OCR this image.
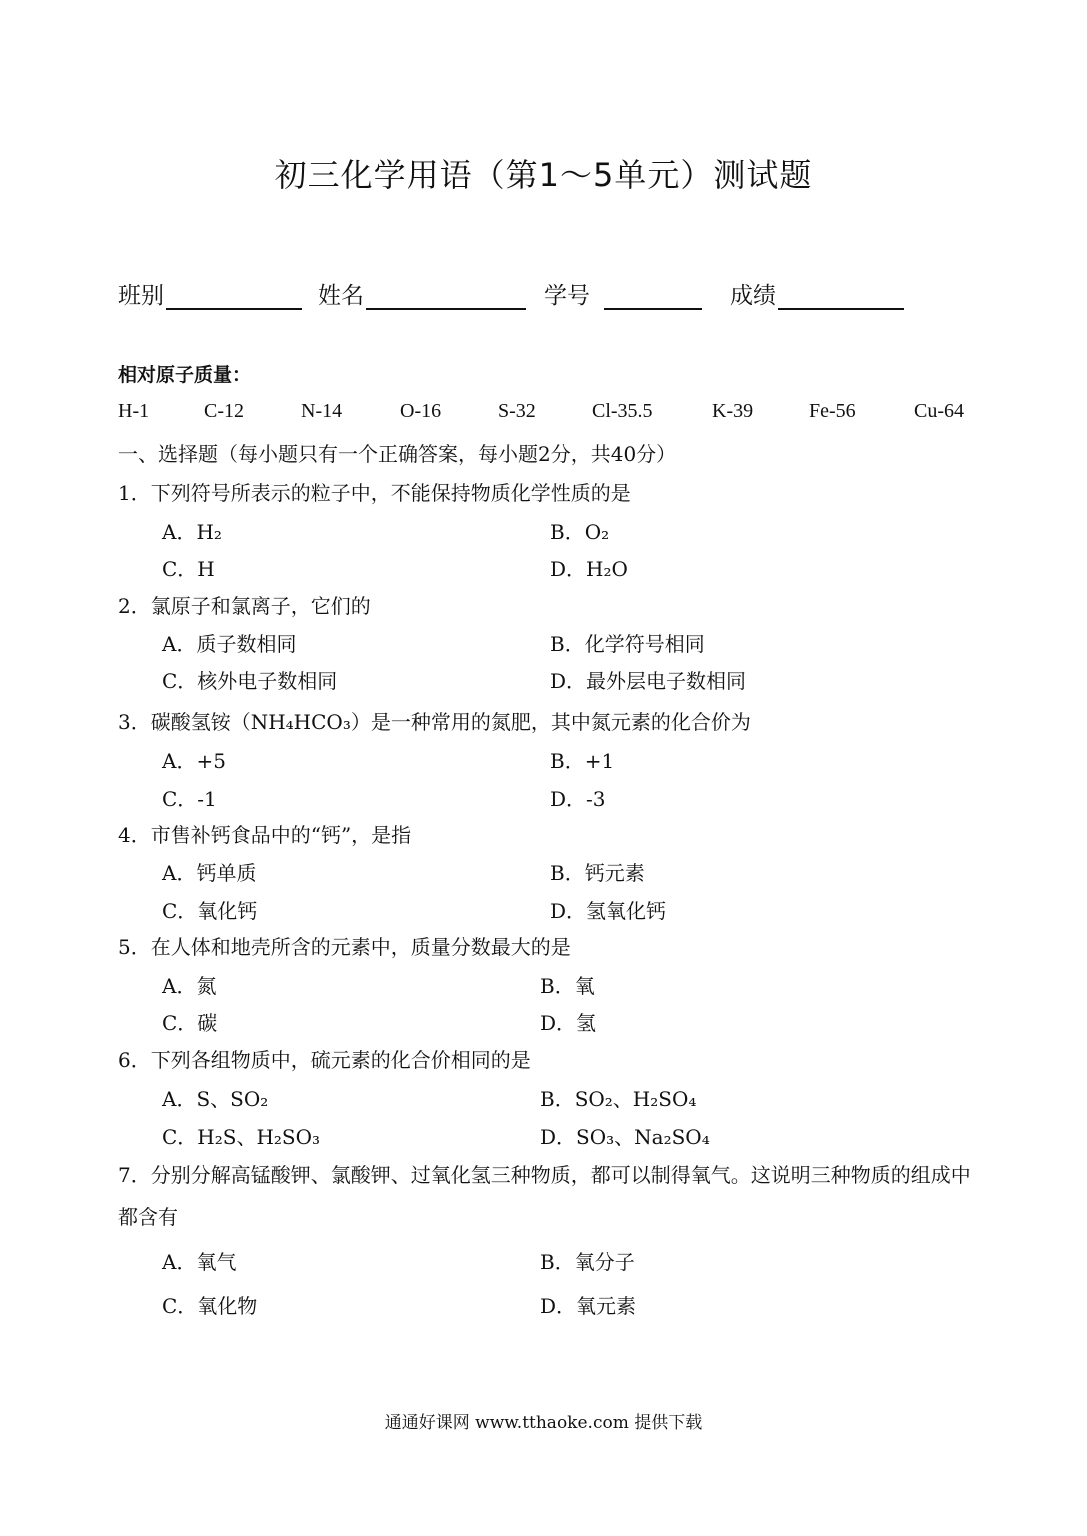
初三化学用语（第1～5单元）测试题
班别	姓名	学号	成绩
相对原子质量：
H-1	C-12	N-14	O-16	S-32	Cl-35.5	K-39	Fe-56	Cu-64
一、选择题（每小题只有一个正确答案，每小题2分，共40分）
1．下列符号所表示的粒子中，不能保持物质化学性质的是
A．H₂	B．O₂
C．H	D．H₂O
2．氯原子和氯离子，它们的
A．质子数相同	B．化学符号相同
C．核外电子数相同	D．最外层电子数相同
3．碳酸氢铵（NH₄HCO₃）是一种常用的氮肥，其中氮元素的化合价为
A．+5	B．+1
C．-1	D．-3
4．市售补钙食品中的“钙”，是指
A．钙单质	B．钙元素
C．氧化钙	D．氢氧化钙
5．在人体和地壳所含的元素中，质量分数最大的是
A．氮	B．氧
C．碳	D．氢
6．下列各组物质中，硫元素的化合价相同的是
A．S、SO₂	B．SO₂、H₂SO₄
C．H₂S、H₂SO₃	D．SO₃、Na₂SO₄
7．分别分解高锰酸钾、氯酸钾、过氧化氢三种物质，都可以制得氧气。这说明三种物质的组成中都含有
A．氧气	B．氧分子
C．氧化物	D．氧元素
通通好课网 www.tthaoke.com 提供下载
